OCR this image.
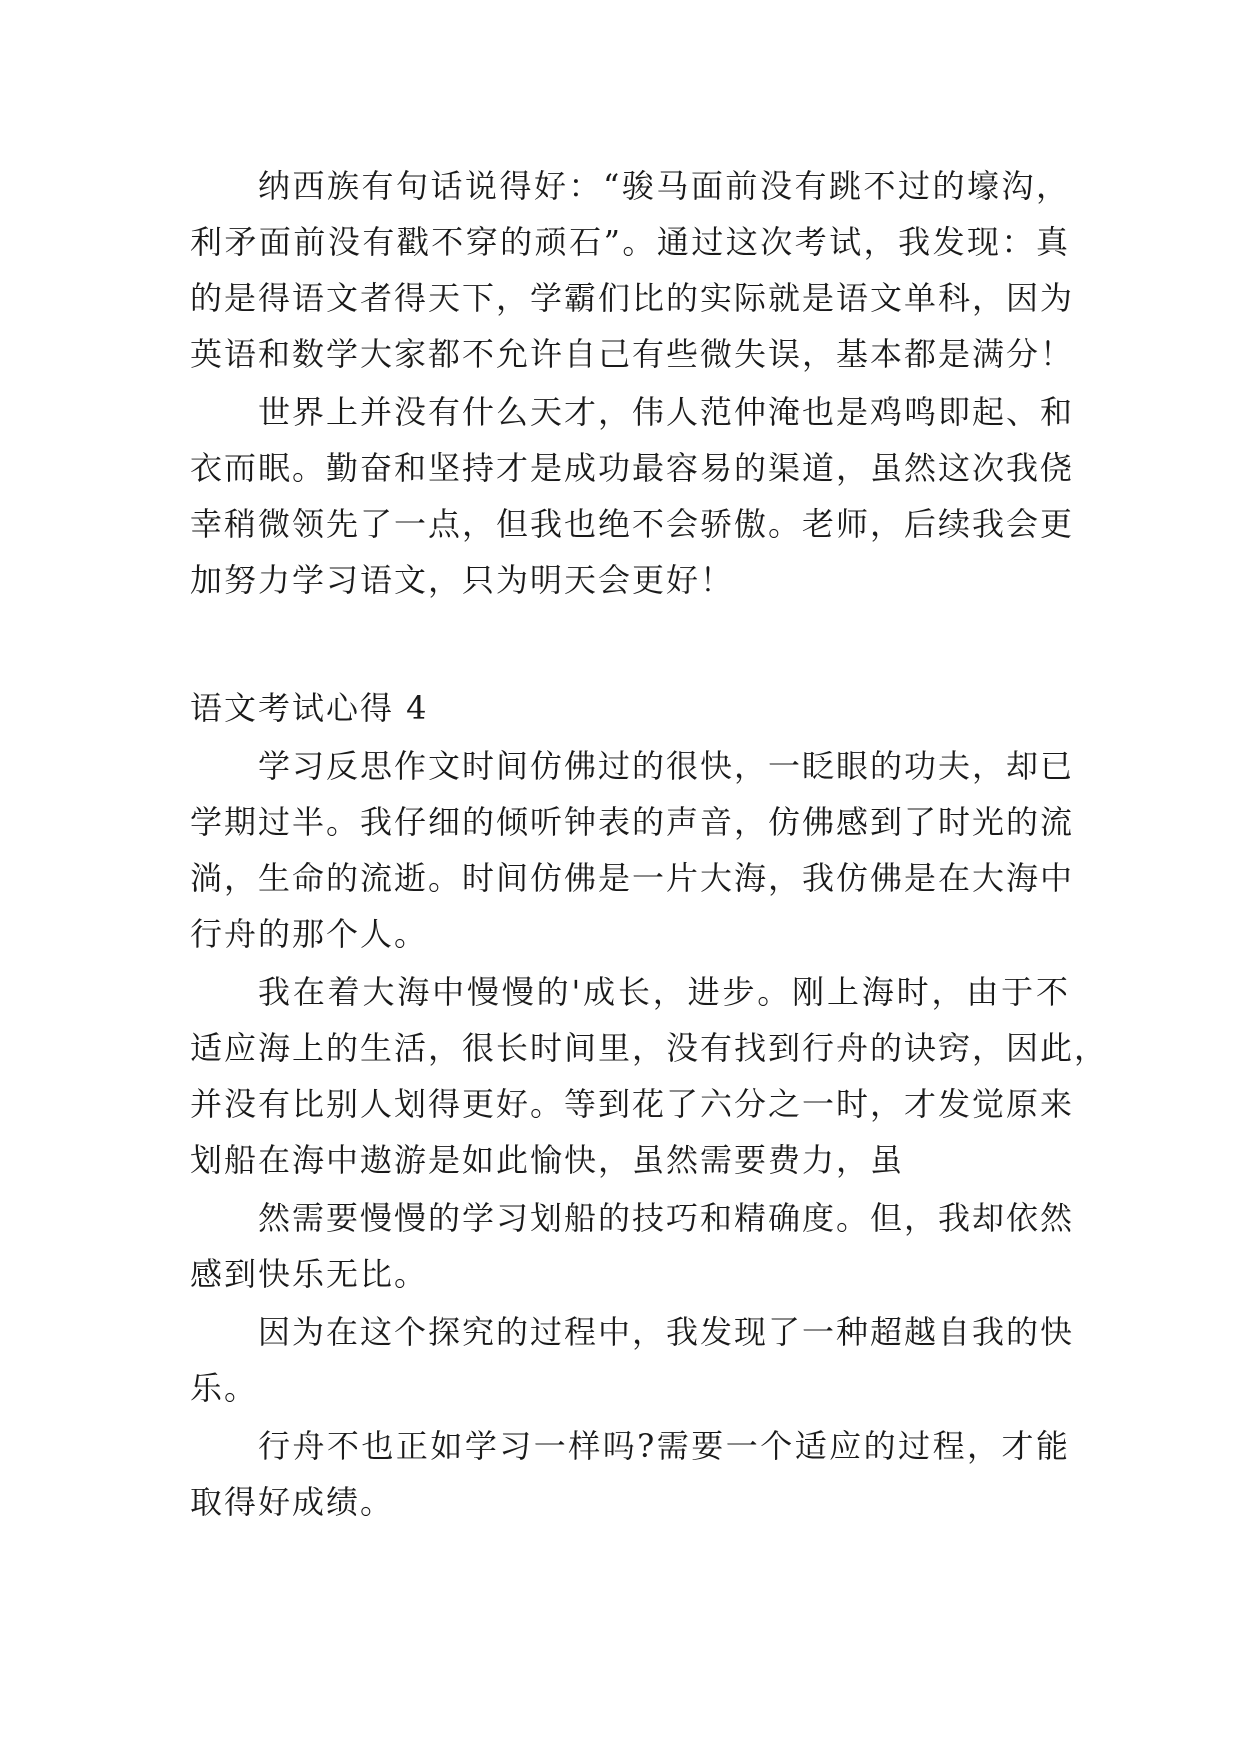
纳西族有句话说得好：“骏马面前没有跳不过的壕沟，
利矛面前没有戳不穿的顽石”。通过这次考试，我发现：真
的是得语文者得天下，学霸们比的实际就是语文单科，因为
英语和数学大家都不允许自己有些微失误，基本都是满分！
世界上并没有什么天才，伟人范仲淹也是鸡鸣即起、和
衣而眠。勤奋和坚持才是成功最容易的渠道，虽然这次我侥
幸稍微领先了一点，但我也绝不会骄傲。老师，后续我会更
加努力学习语文，只为明天会更好！
语文考试心得 4
学习反思作文时间仿佛过的很快，一眨眼的功夫，却已
学期过半。我仔细的倾听钟表的声音，仿佛感到了时光的流
淌，生命的流逝。时间仿佛是一片大海，我仿佛是在大海中
行舟的那个人。
我在着大海中慢慢的'成长，进步。刚上海时，由于不
适应海上的生活，很长时间里，没有找到行舟的诀窍，因此，
并没有比别人划得更好。等到花了六分之一时，才发觉原来
划船在海中遨游是如此愉快，虽然需要费力，虽
然需要慢慢的学习划船的技巧和精确度。但，我却依然
感到快乐无比。
因为在这个探究的过程中，我发现了一种超越自我的快
乐。
行舟不也正如学习一样吗?需要一个适应的过程，才能
取得好成绩。
